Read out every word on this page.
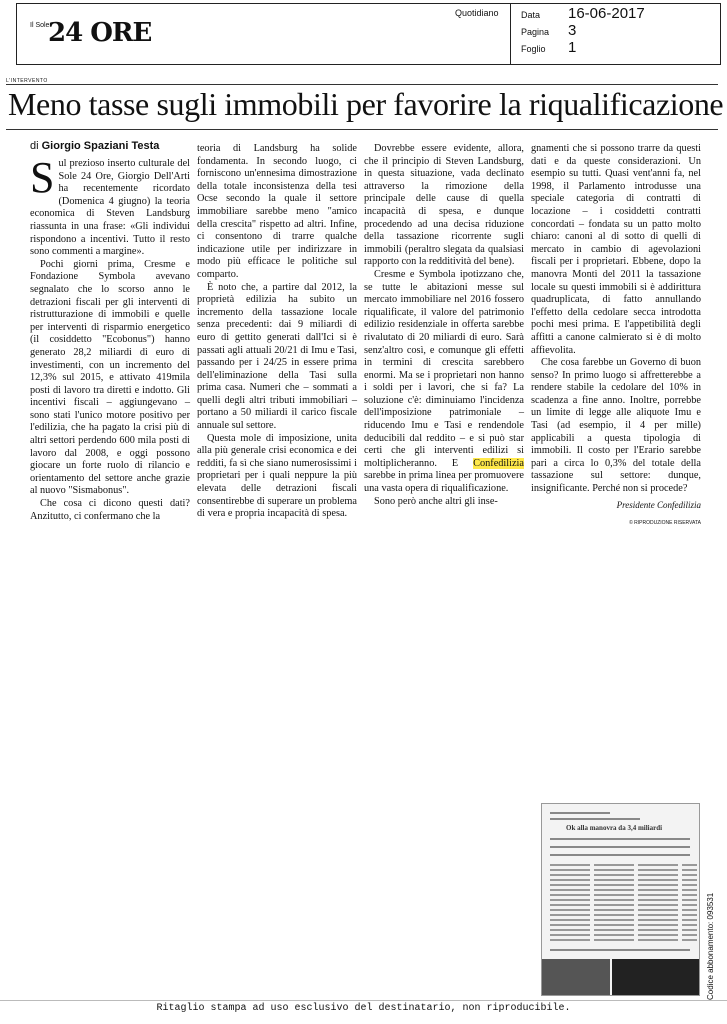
Il Sole
24 ORE
Quotidiano Data 16-06-2017
Pagina 3
Foglio 1
L'INTERVENTO
Meno tasse sugli immobili per favorire la riqualificazione
di Giorgio Spaziani Testa

Sul prezioso inserto culturale del Sole 24 Ore, Giorgio Dell'Arti ha recentemente ricordato (Domenica 4 giugno) la teoria economica di Steven Landsburg riassunta in una frase: «Gli individui rispondono a incentivi. Tutto il resto sono commenti a margine».

Pochi giorni prima, Cresme e Fondazione Symbola avevano segnalato che lo scorso anno le detrazioni fiscali per gli interventi di ristrutturazione di immobili e quelle per interventi di risparmio energetico (il cosiddetto "Ecobonus") hanno generato 28,2 miliardi di euro di investimenti, con un incremento del 12,3% sul 2015, e attivato 419mila posti di lavoro tra diretti e indotto. Gli incentivi fiscali – aggiungevano – sono stati l'unico motore positivo per l'edilizia, che ha pagato la crisi più di altri settori perdendo 600 mila posti di lavoro dal 2008, e oggi possono giocare un forte ruolo di rilancio e orientamento del settore anche grazie al nuovo "Sismabonus".

Che cosa ci dicono questi dati? Anzitutto, ci confermano che la

teoria di Landsburg ha solide fondamenta. In secondo luogo, ci forniscono un'ennesima dimostrazione della totale inconsistenza della tesi Ocse secondo la quale il settore immobiliare sarebbe meno "amico della crescita" rispetto ad altri. Infine, ci consentono di trarre qualche indicazione utile per indirizzare in modo più efficace le politiche sul comparto.

È noto che, a partire dal 2012, la proprietà edilizia ha subito un incremento della tassazione locale senza precedenti: dai 9 miliardi di euro di gettito generati dall'Ici si è passati agli attuali 20/21 di Imu e Tasi, passando per i 24/25 in essere prima dell'eliminazione della Tasi sulla prima casa. Numeri che – sommati a quelli degli altri tributi immobiliari – portano a 50 miliardi il carico fiscale annuale sul settore.

Questa mole di imposizione, unita alla più generale crisi economica e dei redditi, fa sì che siano numerosissimi i proprietari per i quali neppure la più elevata delle detrazioni fiscali consentirebbe di superare un problema di vera e propria incapacità di spesa.

Dovrebbe essere evidente, allora, che il principio di Steven Landsburg, in questa situazione, vada declinato attraverso la rimozione della principale delle cause di quella incapacità di spesa, e dunque procedendo ad una decisa riduzione della tassazione ricorrente sugli immobili (peraltro slegata da qualsiasi rapporto con la redditività del bene).

Cresme e Symbola ipotizzano che, se tutte le abitazioni messe sul mercato immobiliare nel 2016 fossero riqualificate, il valore del patrimonio edilizio residenziale in offerta sarebbe rivalutato di 20 miliardi di euro. Sarà senz'altro così, e comunque gli effetti in termini di crescita sarebbero enormi. Ma se i proprietari non hanno i soldi per i lavori, che si fa? La soluzione c'è: diminuiamo l'incidenza dell'imposizione patrimoniale – riducendo Imu e Tasi e rendendole deducibili dal reddito – e si può star certi che gli interventi edilizi si moltiplicheranno. E Confedilizia sarebbe in prima linea per promuovere una vasta opera di riqualificazione.

Sono però anche altri gli inse-

gnamenti che si possono trarre da questi dati e da queste considerazioni. Un esempio su tutti. Quasi vent'anni fa, nel 1998, il Parlamento introdusse una speciale categoria di contratti di locazione – i cosiddetti contratti concordati – fondata su un patto molto chiaro: canoni al di sotto di quelli di mercato in cambio di agevolazioni fiscali per i proprietari. Ebbene, dopo la manovra Monti del 2011 la tassazione locale su questi immobili si è addirittura quadruplicata, di fatto annullando l'effetto della cedolare secca introdotta pochi mesi prima. E l'appetibilità degli affitti a canone calmierato si è di molto affievolita.

Che cosa farebbe un Governo di buon senso? In primo luogo si affretterebbe a rendere stabile la cedolare del 10% in scadenza a fine anno. Inoltre, porrebbe un limite di legge alle aliquote Imu e Tasi (ad esempio, il 4 per mille) applicabili a questa tipologia di immobili. Il costo per l'Erario sarebbe pari a circa lo 0,3% del totale della tassazione sul settore: dunque, insignificante. Perché non si procede?

Presidente Confedilizia
© RIPRODUZIONE RISERVATA
Ok alla manovra da 3,4 miliardi
Codice abbonamento: 093531
Ritaglio stampa ad uso esclusivo del destinatario, non riproducibile.
